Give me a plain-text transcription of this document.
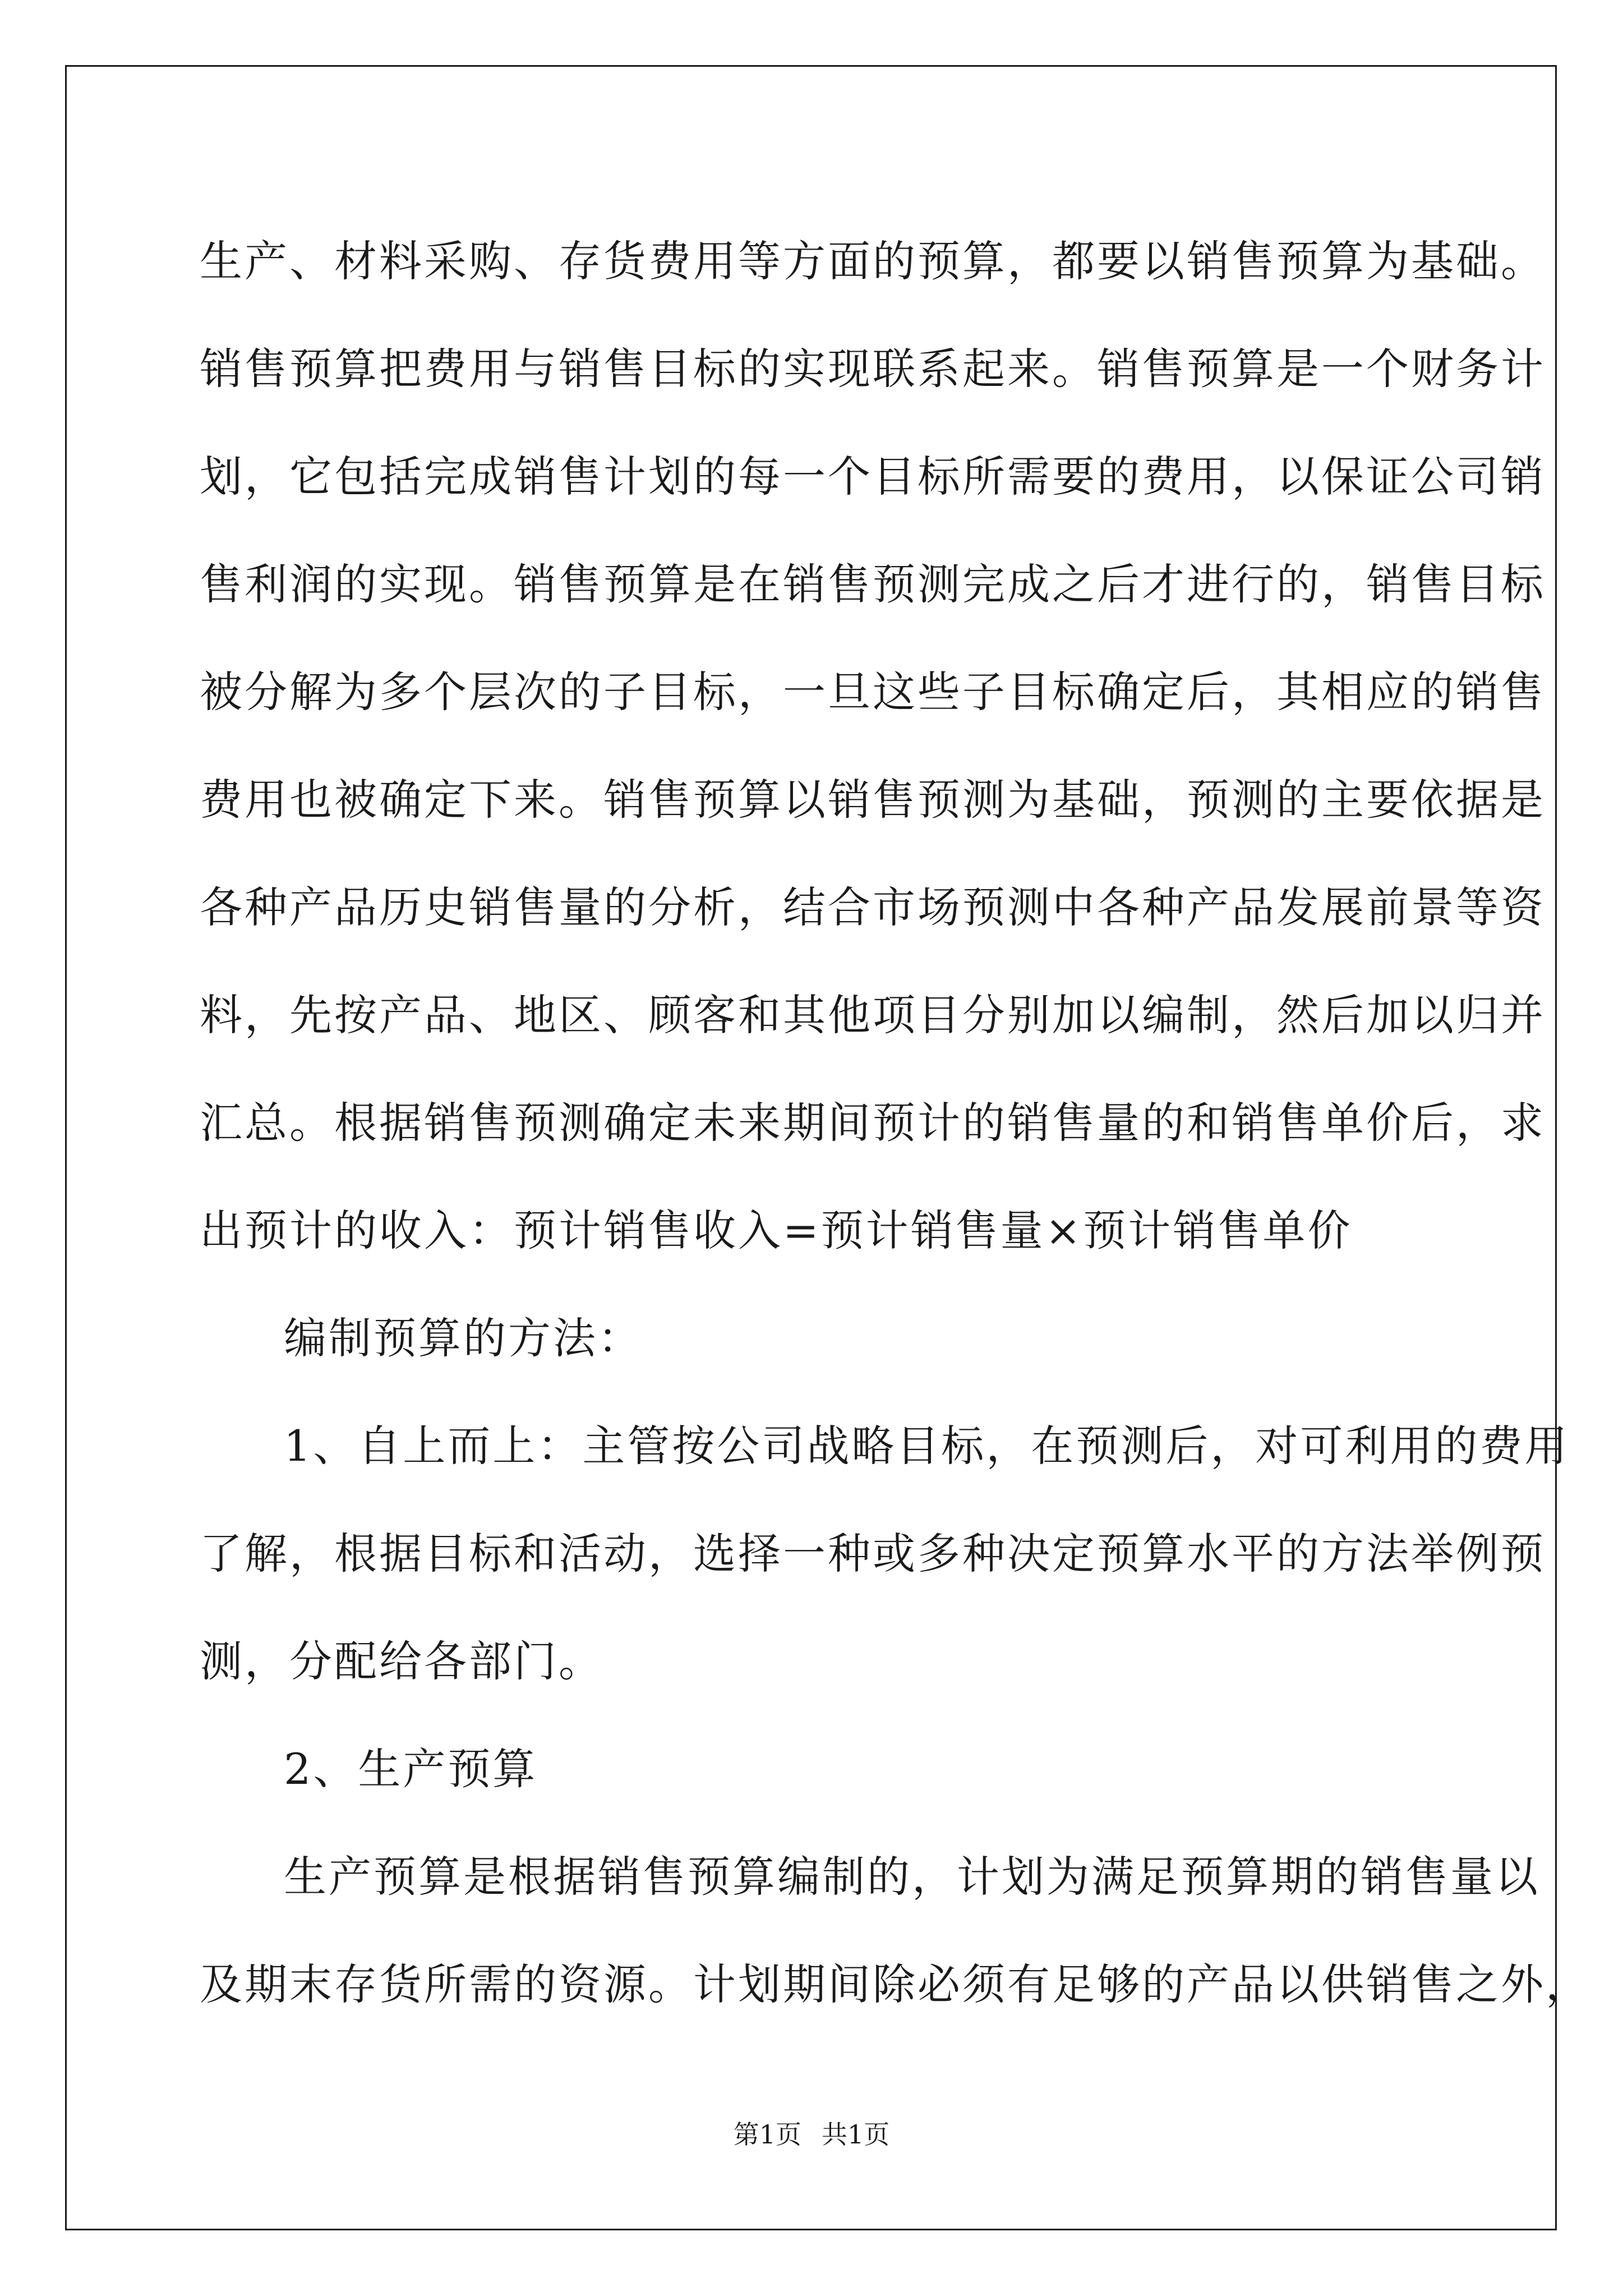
生产、材料采购、存货费用等方面的预算，都要以销售预算为基础。
销售预算把费用与销售目标的实现联系起来。销售预算是一个财务计
划，它包括完成销售计划的每一个目标所需要的费用，以保证公司销
售利润的实现。销售预算是在销售预测完成之后才进行的，销售目标
被分解为多个层次的子目标，一旦这些子目标确定后，其相应的销售
费用也被确定下来。销售预算以销售预测为基础，预测的主要依据是
各种产品历史销售量的分析，结合市场预测中各种产品发展前景等资
料，先按产品、地区、顾客和其他项目分别加以编制，然后加以归并
汇总。根据销售预测确定未来期间预计的销售量的和销售单价后，求
出预计的收入：预计销售收入=预计销售量×预计销售单价
编制预算的方法：
1、自上而上：主管按公司战略目标，在预测后，对可利用的费用
了解，根据目标和活动，选择一种或多种决定预算水平的方法举例预
测，分配给各部门。
2、生产预算
生产预算是根据销售预算编制的，计划为满足预算期的销售量以
及期末存货所需的资源。计划期间除必须有足够的产品以供销售之外，
第1页 共1页
